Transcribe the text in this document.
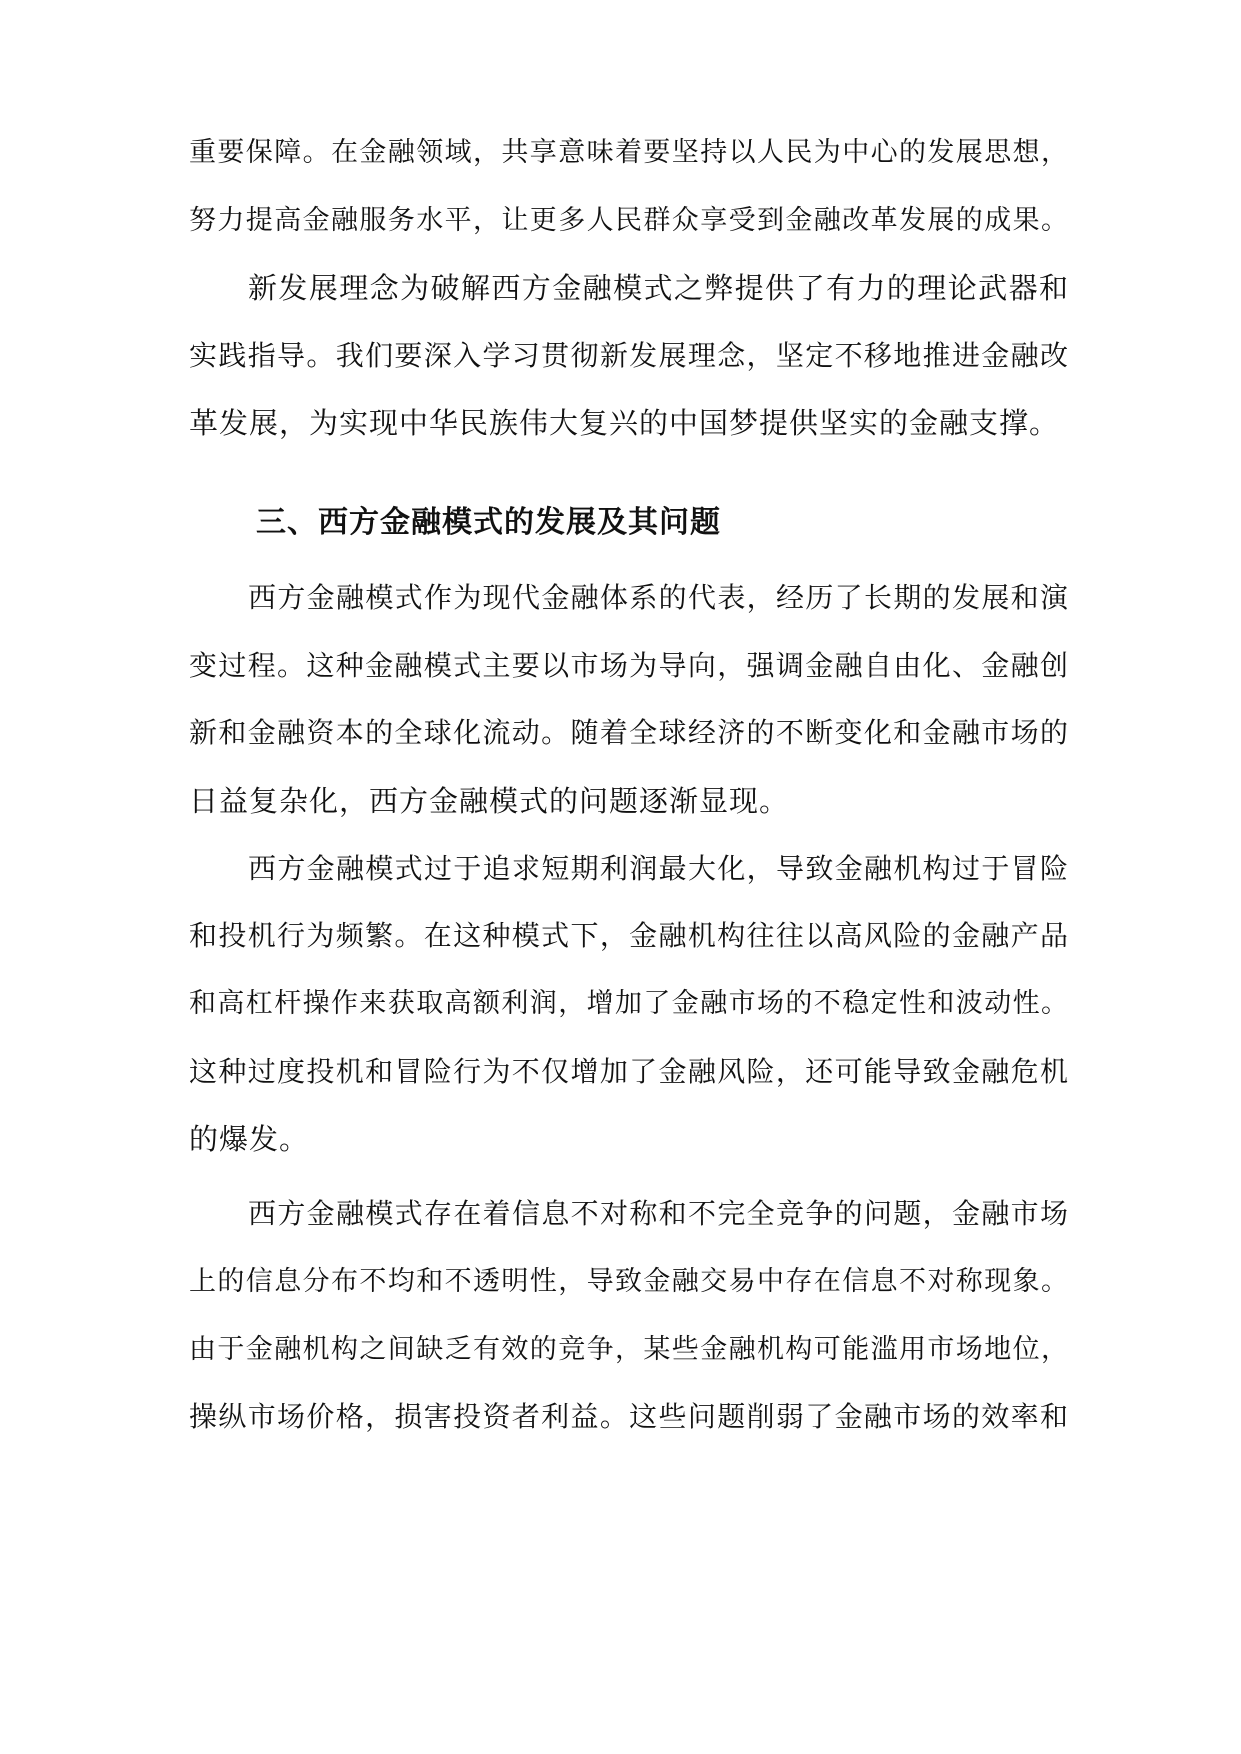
重要保障。在金融领域，共享意味着要坚持以人民为中心的发展思想，
努力提高金融服务水平，让更多人民群众享受到金融改革发展的成果。
新发展理念为破解西方金融模式之弊提供了有力的理论武器和
实践指导。我们要深入学习贯彻新发展理念，坚定不移地推进金融改
革发展，为实现中华民族伟大复兴的中国梦提供坚实的金融支撑。
三、西方金融模式的发展及其问题
西方金融模式作为现代金融体系的代表，经历了长期的发展和演
变过程。这种金融模式主要以市场为导向，强调金融自由化、金融创
新和金融资本的全球化流动。随着全球经济的不断变化和金融市场的
日益复杂化，西方金融模式的问题逐渐显现。
西方金融模式过于追求短期利润最大化，导致金融机构过于冒险
和投机行为频繁。在这种模式下，金融机构往往以高风险的金融产品
和高杠杆操作来获取高额利润，增加了金融市场的不稳定性和波动性。
这种过度投机和冒险行为不仅增加了金融风险，还可能导致金融危机
的爆发。
西方金融模式存在着信息不对称和不完全竞争的问题，金融市场
上的信息分布不均和不透明性，导致金融交易中存在信息不对称现象。
由于金融机构之间缺乏有效的竞争，某些金融机构可能滥用市场地位，
操纵市场价格，损害投资者利益。这些问题削弱了金融市场的效率和
